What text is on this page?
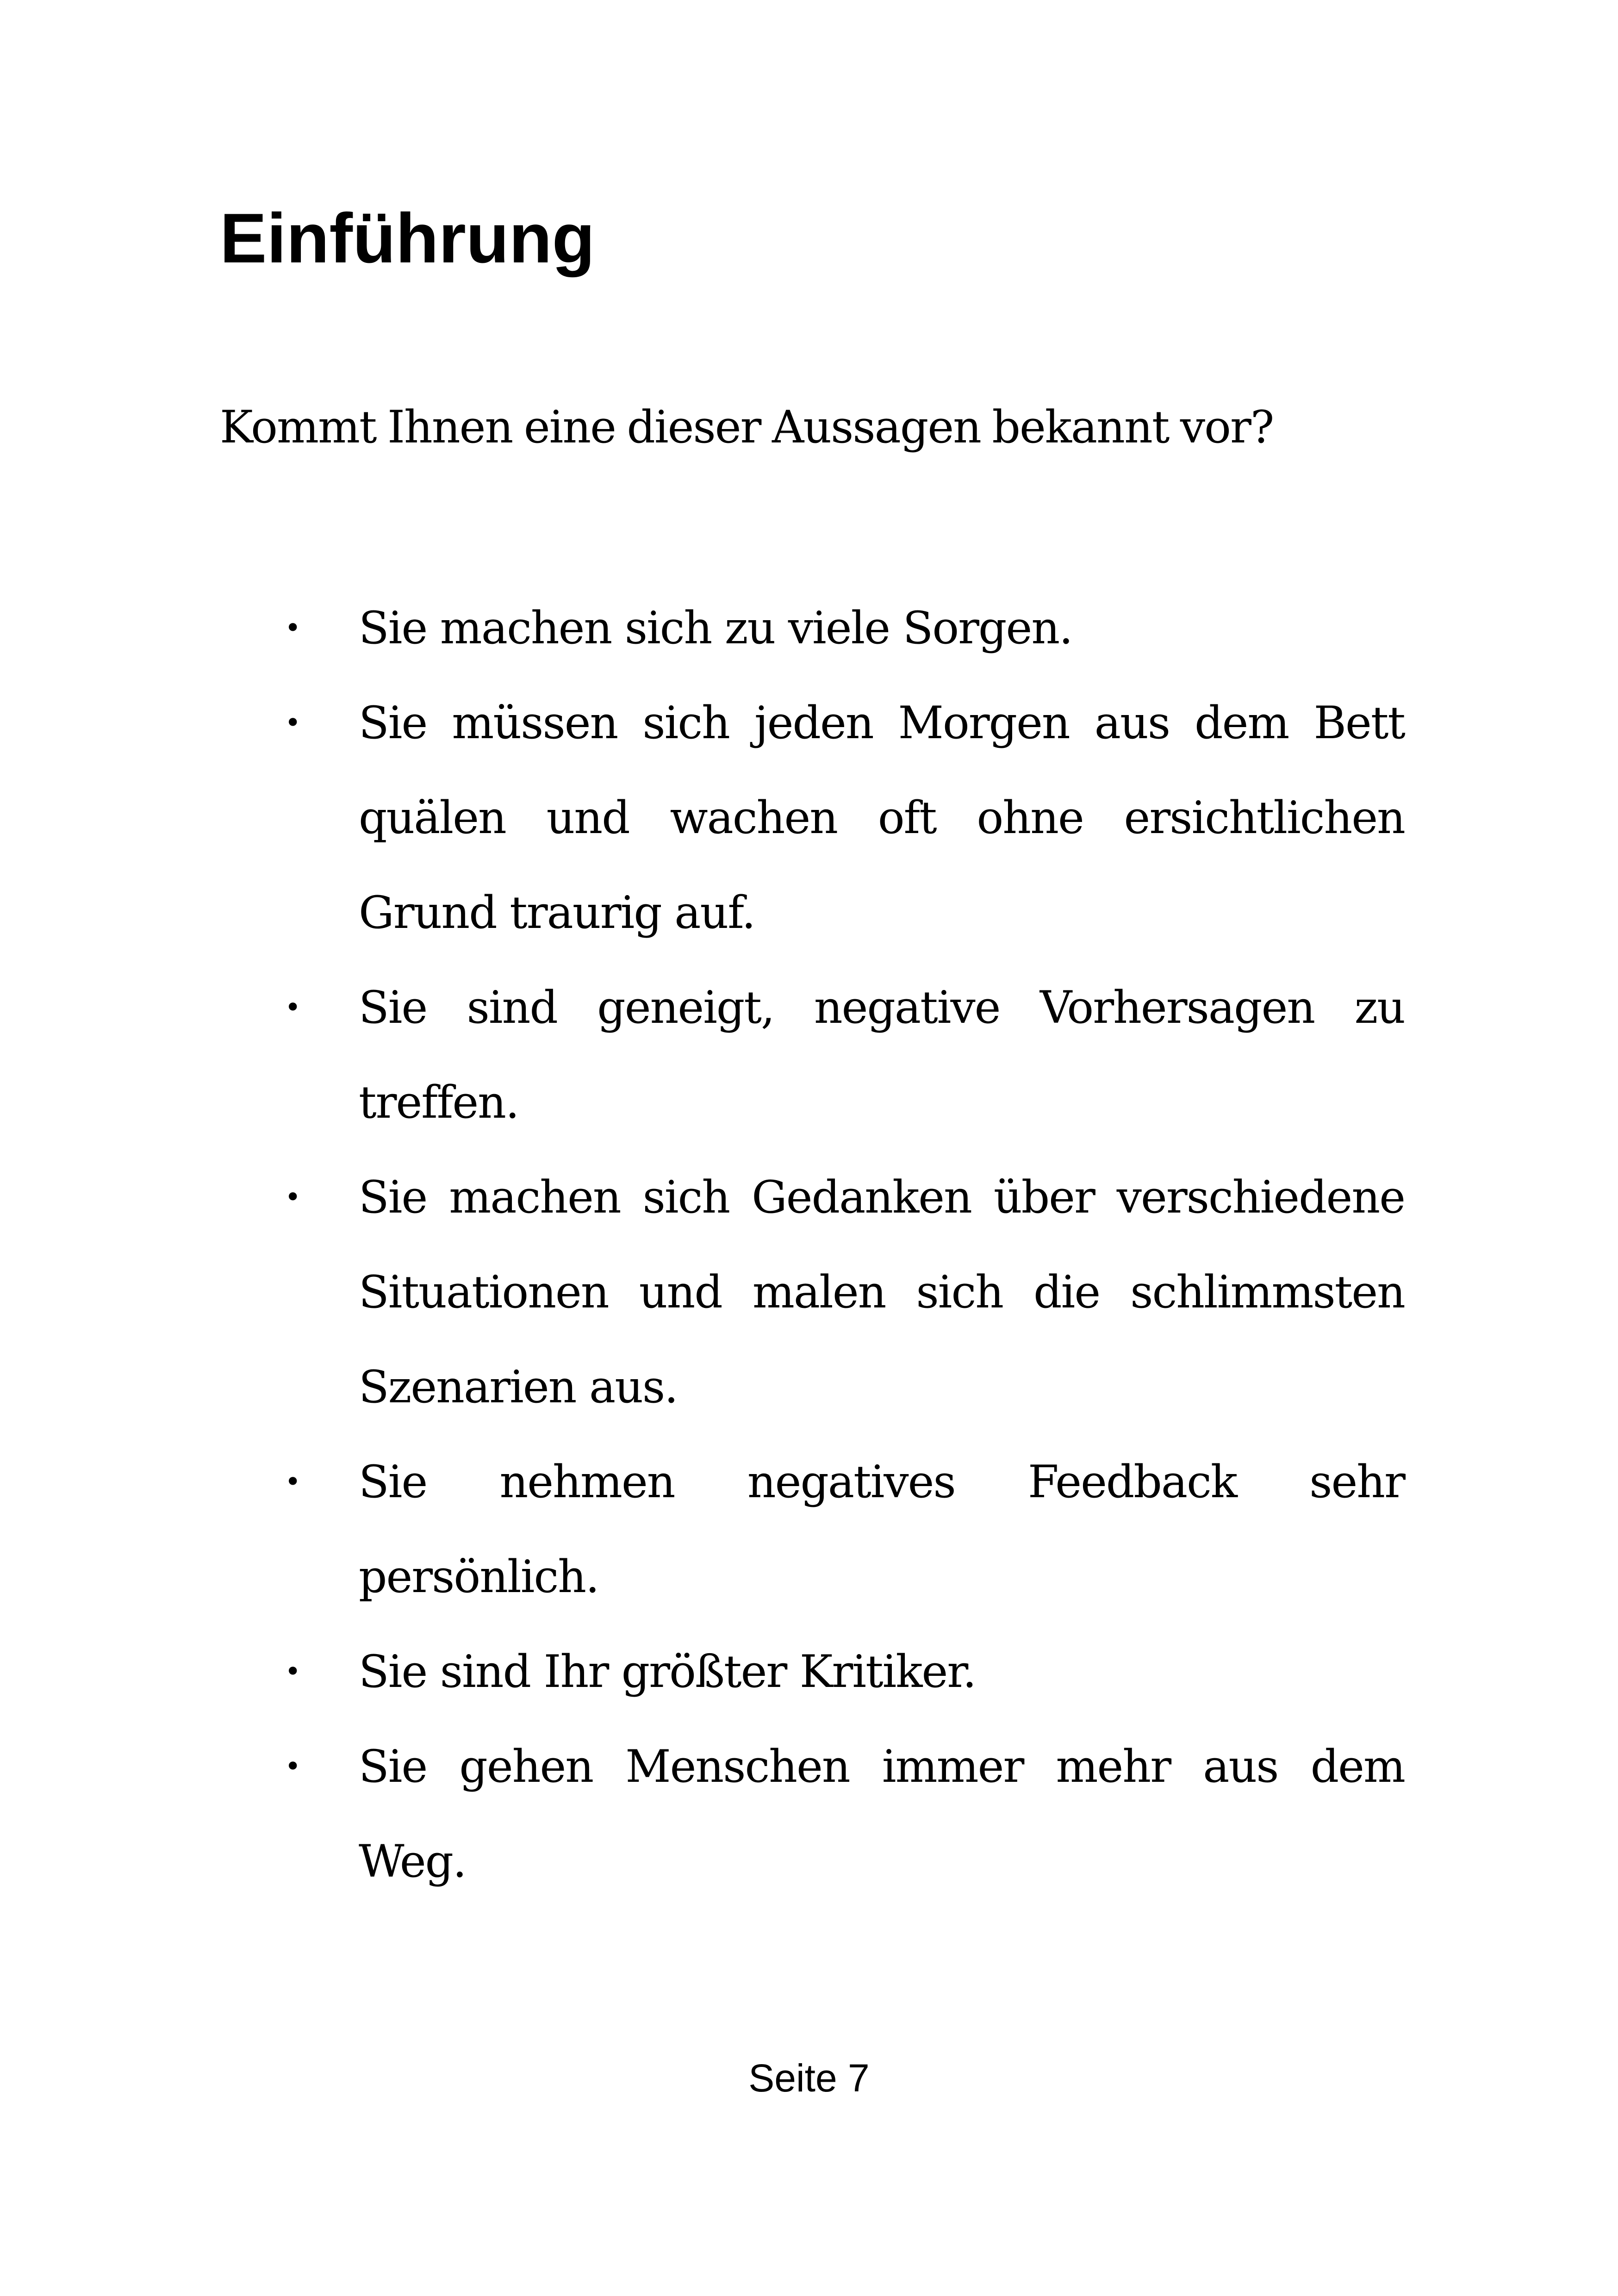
Einführung

Kommt Ihnen eine dieser Aussagen bekannt vor?

• Sie machen sich zu viele Sorgen.
• Sie müssen sich jeden Morgen aus dem Bett quälen und wachen oft ohne ersichtlichen Grund traurig auf.
• Sie sind geneigt, negative Vorhersagen zu treffen.
• Sie machen sich Gedanken über verschiedene Situationen und malen sich die schlimmsten Szenarien aus.
• Sie nehmen negatives Feedback sehr persönlich.
• Sie sind Ihr größter Kritiker.
• Sie gehen Menschen immer mehr aus dem Weg.
Seite 7
